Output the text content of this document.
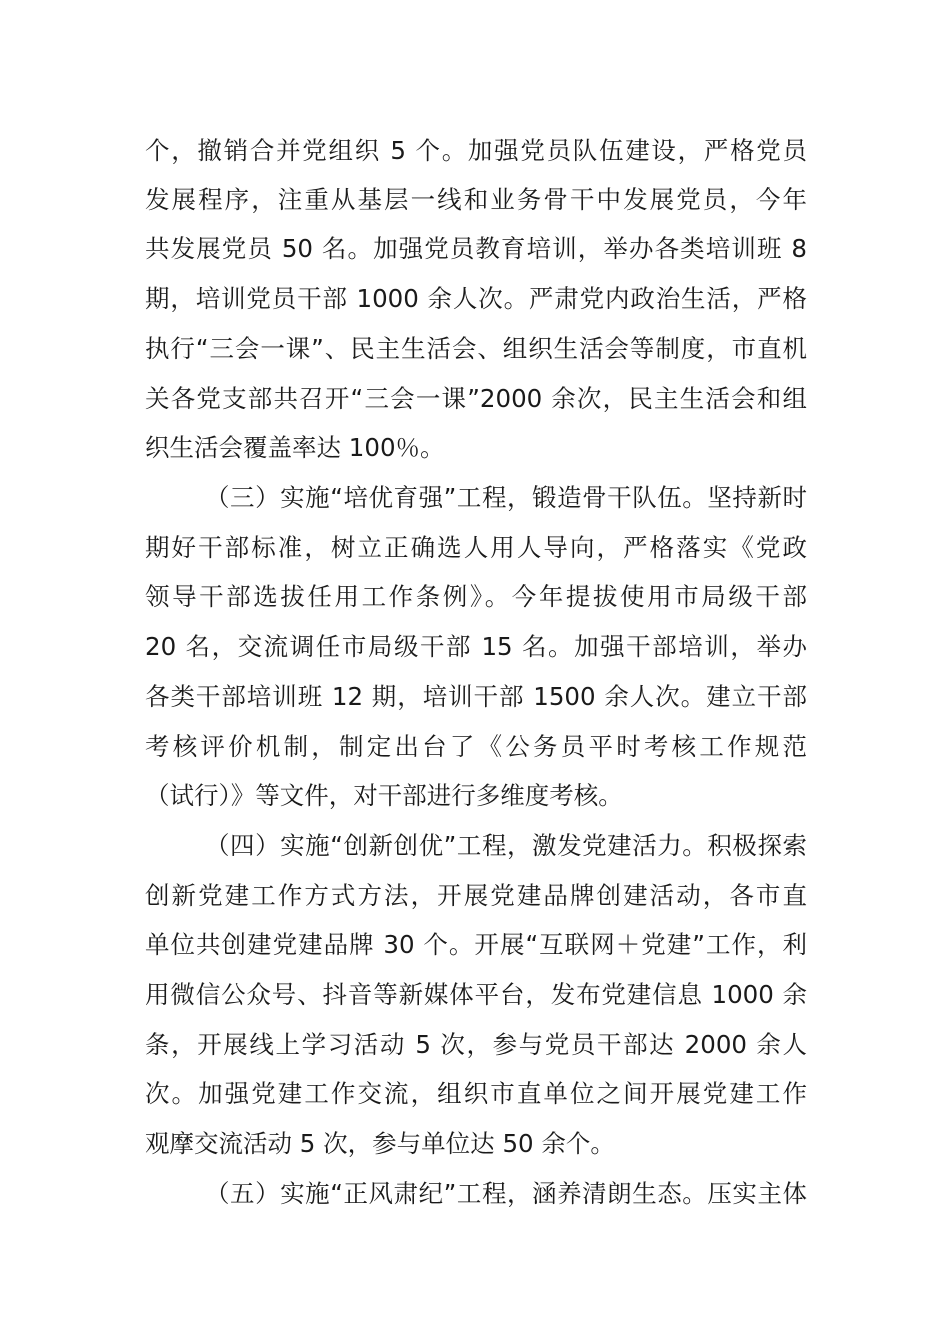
个，撤销合并党组织 5 个。加强党员队伍建设，严格党员
发展程序，注重从基层一线和业务骨干中发展党员，今年
共发展党员 50 名。加强党员教育培训，举办各类培训班 8
期，培训党员干部 1000 余人次。严肃党内政治生活，严格
执行“三会一课”、民主生活会、组织生活会等制度，市直机
关各党支部共召开“三会一课”2000 余次，民主生活会和组
织生活会覆盖率达 100％。
（三）实施“培优育强”工程，锻造骨干队伍。坚持新时
期好干部标准，树立正确选人用人导向，严格落实《党政
领导干部选拔任用工作条例》。今年提拔使用市局级干部
20 名，交流调任市局级干部 15 名。加强干部培训，举办
各类干部培训班 12 期，培训干部 1500 余人次。建立干部
考核评价机制，制定出台了《公务员平时考核工作规范
（试行）》等文件，对干部进行多维度考核。
（四）实施“创新创优”工程，激发党建活力。积极探索
创新党建工作方式方法，开展党建品牌创建活动，各市直
单位共创建党建品牌 30 个。开展“互联网＋党建”工作，利
用微信公众号、抖音等新媒体平台，发布党建信息 1000 余
条，开展线上学习活动 5 次，参与党员干部达 2000 余人
次。加强党建工作交流，组织市直单位之间开展党建工作
观摩交流活动 5 次，参与单位达 50 余个。
（五）实施“正风肃纪”工程，涵养清朗生态。压实主体
